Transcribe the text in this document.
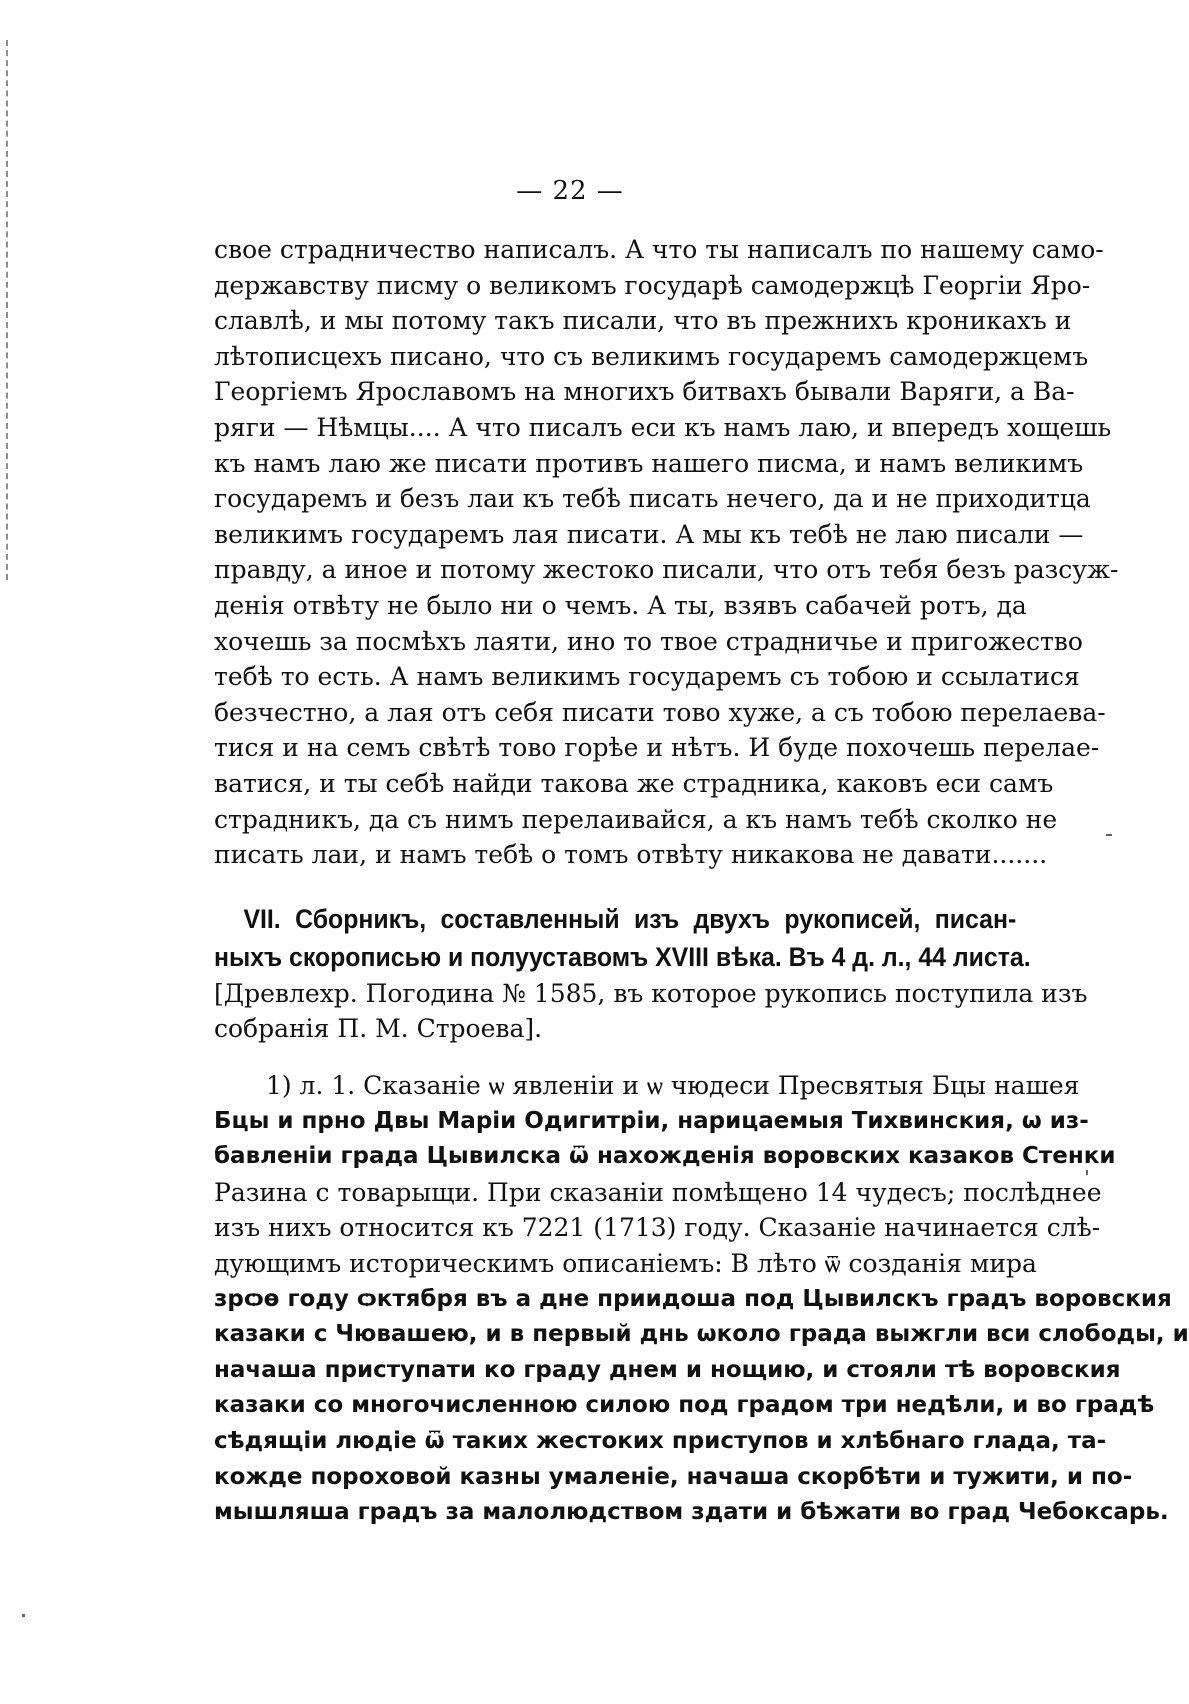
— 22 —
свое страдничество написалъ. А что ты написалъ по нашему само-
державству писму о великомъ государѣ самодержцѣ Георгіи Яро-
славлѣ, и мы потому такъ писали, что въ прежнихъ кроникахъ и
лѣтописцехъ писано, что съ великимъ государемъ самодержцемъ
Георгіемъ Ярославомъ на многихъ битвахъ бывали Варяги, а Ва-
ряги — Нѣмцы.... А что писалъ еси къ намъ лаю, и впередъ хощешь
къ намъ лаю же писати противъ нашего писма, и намъ великимъ
государемъ и безъ лаи къ тебѣ писать нечего, да и не приходитца
великимъ государемъ лая писати. А мы къ тебѣ не лаю писали —
правду, а иное и потому жестоко писали, что отъ тебя безъ разсуж-
денія отвѣту не было ни о чемъ. А ты, взявъ сабачей ротъ, да
хочешь за посмѣхъ лаяти, ино то твое страдничье и пригожество
тебѣ то есть. А намъ великимъ государемъ съ тобою и ссылатися
безчестно, а лая отъ себя писати тово хуже, а съ тобою перелаева-
тися и на семъ свѣтѣ тово горѣе и нѣтъ. И буде похочешь перелае-
ватися, и ты себѣ найди такова же страдника, каковъ еси самъ
страдникъ, да съ нимъ перелаивайся, а къ намъ тебѣ сколко не
писать лаи, и намъ тебѣ о томъ отвѣту никакова не давати.......
VII. Сборникъ, составленный изъ двухъ рукописей, писан-
ныхъ скорописью и полууставомъ XVIII вѣка. Въ 4 д. л., 44 листа.
[Древлехр. Погодина № 1585, въ которое рукопись поступила изъ
собранія П. М. Строева].
1) л. 1. Сказаніе ѡ явленіи и ѡ чюдеси Пресвятыя Бцы нашея
Бцы и прно Двы Маріи Одигитріи, нарицаемыя Тихвинския, ѡ из-
бавленіи града Цывилска ѿ нахожденія воровских казаков Стенки
Разина с товарыщи. При сказаніи помѣщено 14 чудесъ; послѣднее
изъ нихъ относится къ 7221 (1713) году. Сказаніе начинается слѣ-
дующимъ историческимъ описаніемъ: В лѣто ѿ созданія мира
зрѻѳ году ѻктября въ а дне приидоша под Цывилскъ градъ воровския
казаки с Чювашею, и в первый днь ѡколо града выжгли вси слободы, и
начаша приступати ко граду днем и нощию, и стояли тѣ воровския
казаки со многочисленною силою под градом три недѣли, и во градѣ
сѣдящіи людіе ѿ таких жестоких приступов и хлѣбнаго глада, та-
кожде пороховой казны умаленіе, начаша скорбѣти и тужити, и по-
мышляша градъ за малолюдством здати и бѣжати во град Чебоксарь.
